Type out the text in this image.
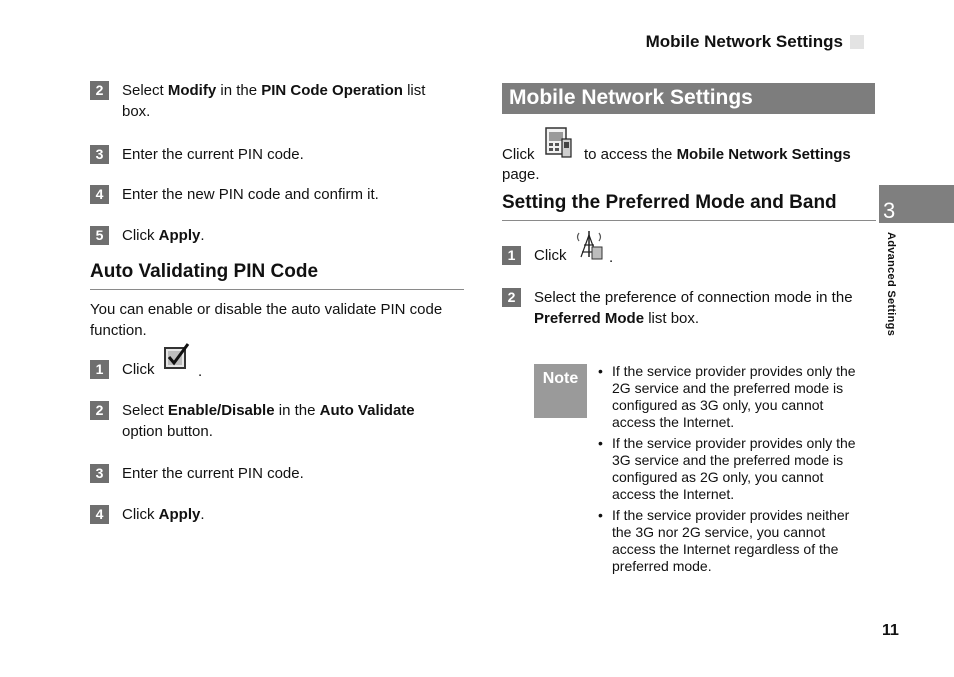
Mobile Network Settings
2	Select Modify in the PIN Code Operation list
box.
3	Enter the current PIN code.
4	Enter the new PIN code and confirm it.
5	Click Apply.
Auto Validating PIN Code
You can enable or disable the auto validate PIN code
function.
1	Click	.
2	Select Enable/Disable in the Auto Validate
option button.
3	Enter the current PIN code.
4	Click Apply.
Mobile Network Settings
Click	to access the Mobile Network Settings
page.
Setting the Preferred Mode and Band
1	Click	.
2	Select the preference of connection mode in the
Preferred Mode list box.
Note	• If the service provider provides only the
2G service and the preferred mode is
configured as 3G only, you cannot
access the Internet.
• If the service provider provides only the
3G service and the preferred mode is
configured as 2G only, you cannot
access the Internet.
• If the service provider provides neither
the 3G nor 2G service, you cannot
access the Internet regardless of the
preferred mode.
3
Advanced Settings
11
